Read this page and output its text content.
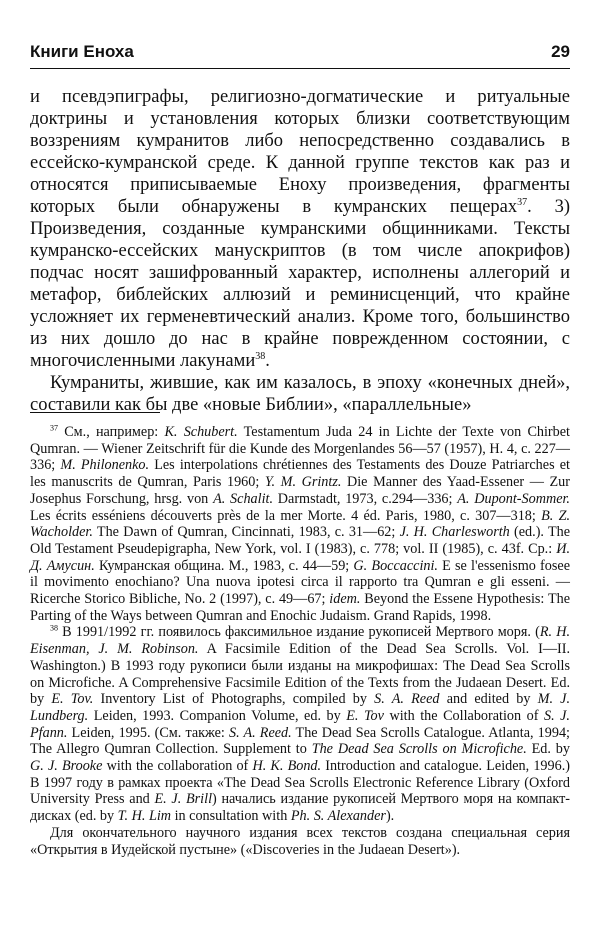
Книги Еноха	29

и псевдэпиграфы, религиозно-догматические и ритуальные доктрины и установления которых близки соответствующим воззрениям кумранитов либо непосредственно создавались в ессейско-кумранской среде. К данной группе текстов как раз и относятся приписываемые Еноху произведения, фрагменты которых были обнаружены в кумранских пещерах$^{37}$. 3) Произведения, созданные кумранскими общинниками. Тексты кумранско-ессейских манускриптов (в том числе апокрифов) подчас носят зашифрованный характер, исполнены аллегорий и метафор, библейских аллюзий и реминисценций, что крайне усложняет их герменевтический анализ. Кроме того, большинство из них дошло до нас в крайне поврежденном состоянии, с многочисленными лакунами$^{38}$.

Кумраниты, жившие, как им казалось, в эпоху «конечных дней», составили как бы две «новые Библии», «параллельные»

$^{37}$ См., например: K. Schubert. Testamentum Juda 24 in Lichte der Texte von Chirbet Qumran. — Wiener Zeitschrift für die Kunde des Morgenlandes 56—57 (1957), H. 4, c. 227—336; M. Philonenko. Les interpolations chrétiennes des Testaments des Douze Patriarches et les manuscrits de Qumran, Paris 1960; Y. M. Grintz. Die Manner des Yaad-Essener — Zur Josephus Forschung, hrsg. von A. Schalit. Darmstadt, 1973, c.294—336; A. Dupont-Sommer. Les écrits esséniens découverts près de la mer Morte. 4 éd. Paris, 1980, c. 307—318; B. Z. Wacholder. The Dawn of Qumran, Cincinnati, 1983, c. 31—62; J. H. Charlesworth (ed.). The Old Testament Pseudepigrapha, New York, vol. I (1983), c. 778; vol. II (1985), c. 43f. Ср.: И. Д. Амусин. Кумранская община. М., 1983, c. 44—59; G. Boccaccini. E se l'essenismo fosee il movimento enochiano? Una nuova ipotesi circa il rapporto tra Qumran e gli esseni. — Ricerche Storico Bibliche, No. 2 (1997), c. 49—67; idem. Beyond the Essene Hypothesis: The Parting of the Ways between Qumran and Enochic Judaism. Grand Rapids, 1998.

$^{38}$ В 1991/1992 гг. появилось факсимильное издание рукописей Мертвого моря. (R. H. Eisenman, J. M. Robinson. A Facsimile Edition of the Dead Sea Scrolls. Vol. I—II. Washington.) В 1993 году рукописи были изданы на микрофишах: The Dead Sea Scrolls on Microfiche. A Comprehensive Facsimile Edition of the Texts from the Judaean Desert. Ed. by E. Tov. Inventory List of Photographs, compiled by S. A. Reed and edited by M. J. Lundberg. Leiden, 1993. Companion Volume, ed. by E. Tov with the Collaboration of S. J. Pfann. Leiden, 1995. (См. также: S. A. Reed. The Dead Sea Scrolls Catalogue. Atlanta, 1994; The Allegro Qumran Collection. Supplement to The Dead Sea Scrolls on Microfiche. Ed. by G. J. Brooke with the collaboration of H. K. Bond. Introduction and catalogue. Leiden, 1996.) В 1997 году в рамках проекта «The Dead Sea Scrolls Electronic Reference Library (Oxford University Press and E. J. Brill) начались издание рукописей Мертвого моря на компакт-дисках (ed. by T. H. Lim in consultation with Ph. S. Alexander).

Для окончательного научного издания всех текстов создана специальная серия «Открытия в Иудейской пустыне» («Discoveries in the Judaean Desert»).
